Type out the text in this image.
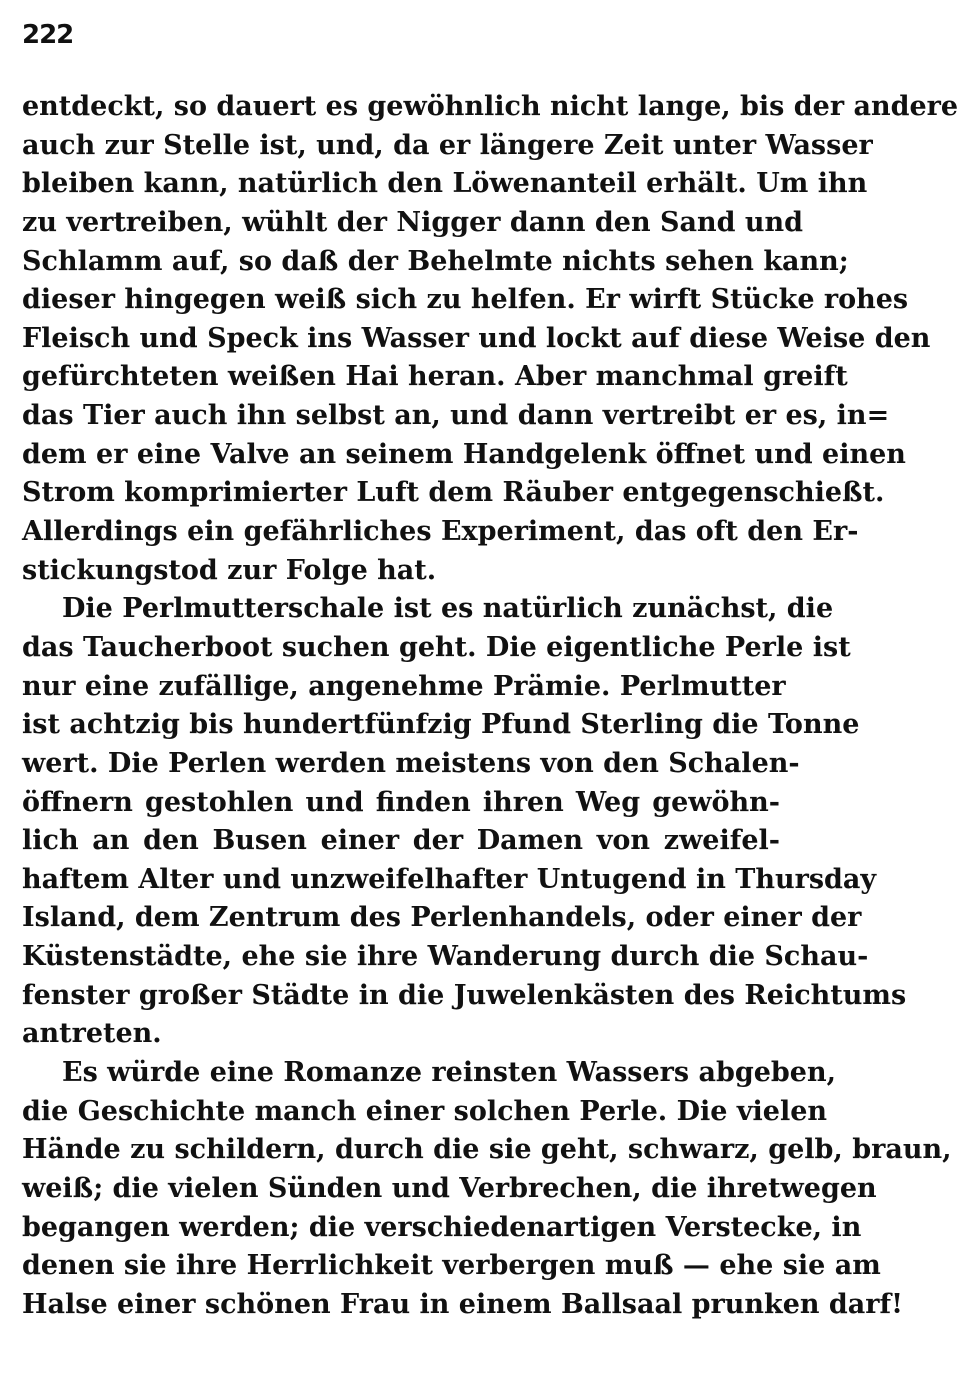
222
entdeckt, so dauert es gewöhnlich nicht lange, bis der andere
auch zur Stelle ist, und, da er längere Zeit unter Wasser
bleiben kann, natürlich den Löwenanteil erhält. Um ihn
zu vertreiben, wühlt der Nigger dann den Sand und
Schlamm auf, so daß der Behelmte nichts sehen kann;
dieser hingegen weiß sich zu helfen. Er wirft Stücke rohes
Fleisch und Speck ins Wasser und lockt auf diese Weise den
gefürchteten weißen Hai heran. Aber manchmal greift
das Tier auch ihn selbst an, und dann vertreibt er es, in=
dem er eine Valve an seinem Handgelenk öffnet und einen
Strom komprimierter Luft dem Räuber entgegenschießt.
Allerdings ein gefährliches Experiment, das oft den Er-
stickungstod zur Folge hat.
Die Perlmutterschale ist es natürlich zunächst, die
das Taucherboot suchen geht. Die eigentliche Perle ist
nur eine zufällige, angenehme Prämie. Perlmutter
ist achtzig bis hundertfünfzig Pfund Sterling die Tonne
wert. Die Perlen werden meistens von den Schalen-
öffnern gestohlen und finden ihren Weg gewöhn-
lich an den Busen einer der Damen von zweifel-
haftem Alter und unzweifelhafter Untugend in Thursday
Island, dem Zentrum des Perlenhandels, oder einer der
Küstenstädte, ehe sie ihre Wanderung durch die Schau-
fenster großer Städte in die Juwelenkästen des Reichtums
antreten.
Es würde eine Romanze reinsten Wassers abgeben,
die Geschichte manch einer solchen Perle. Die vielen
Hände zu schildern, durch die sie geht, schwarz, gelb, braun,
weiß; die vielen Sünden und Verbrechen, die ihretwegen
begangen werden; die verschiedenartigen Verstecke, in
denen sie ihre Herrlichkeit verbergen muß — ehe sie am
Halse einer schönen Frau in einem Ballsaal prunken darf!
